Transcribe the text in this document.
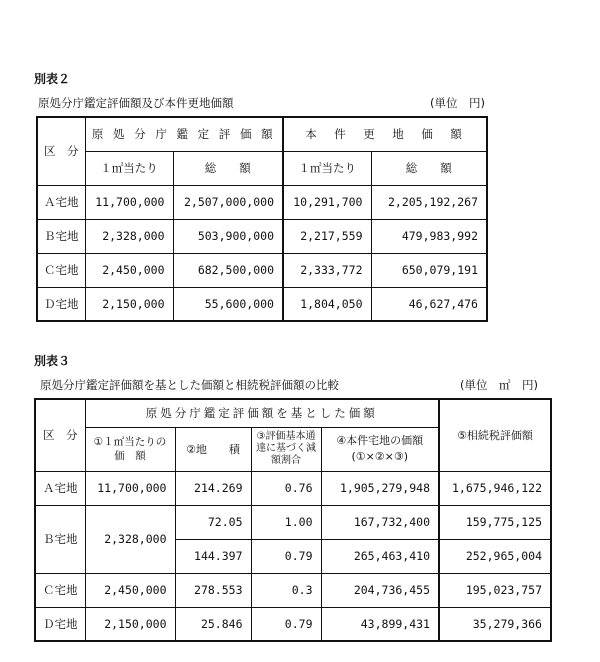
別表２
原処分庁鑑定評価額及び本件更地価額	(単位　円)
区　分	原 処 分 庁 鑑 定 評 価 額		本　件　更　地　価　額	
	１㎡当たり	総　　額	１㎡当たり	総　　額
Ａ宅地	11,700,000	2,507,000,000	10,291,700	2,205,192,267
Ｂ宅地	2,328,000	503,900,000	2,217,559	479,983,992
Ｃ宅地	2,450,000	682,500,000	2,333,772	650,079,191
Ｄ宅地	2,150,000	55,600,000	1,804,050	46,627,476
別表３
原処分庁鑑定評価額を基とした価額と相続税評価額の比較	(単位　㎡　円)
区　分	原処分庁鑑定評価額を基とした価額				⑤相続税評価額
	①１㎡当たりの　価　額	②地　　積	③評価基本通達に基づく減額割合	④本件宅地の価額
(①×②×③)	

Ａ宅地	11,700,000	214.269	0.76	1,905,279,948	1,675,946,122
Ｂ宅地	2,328,000	72.05	1.00	167,732,400	159,775,125
		144.397	0.79	265,463,410	252,965,004
Ｃ宅地	2,450,000	278.553	0.3	204,736,455	195,023,757
Ｄ宅地	2,150,000	25.846	0.79	43,899,431	35,279,366
